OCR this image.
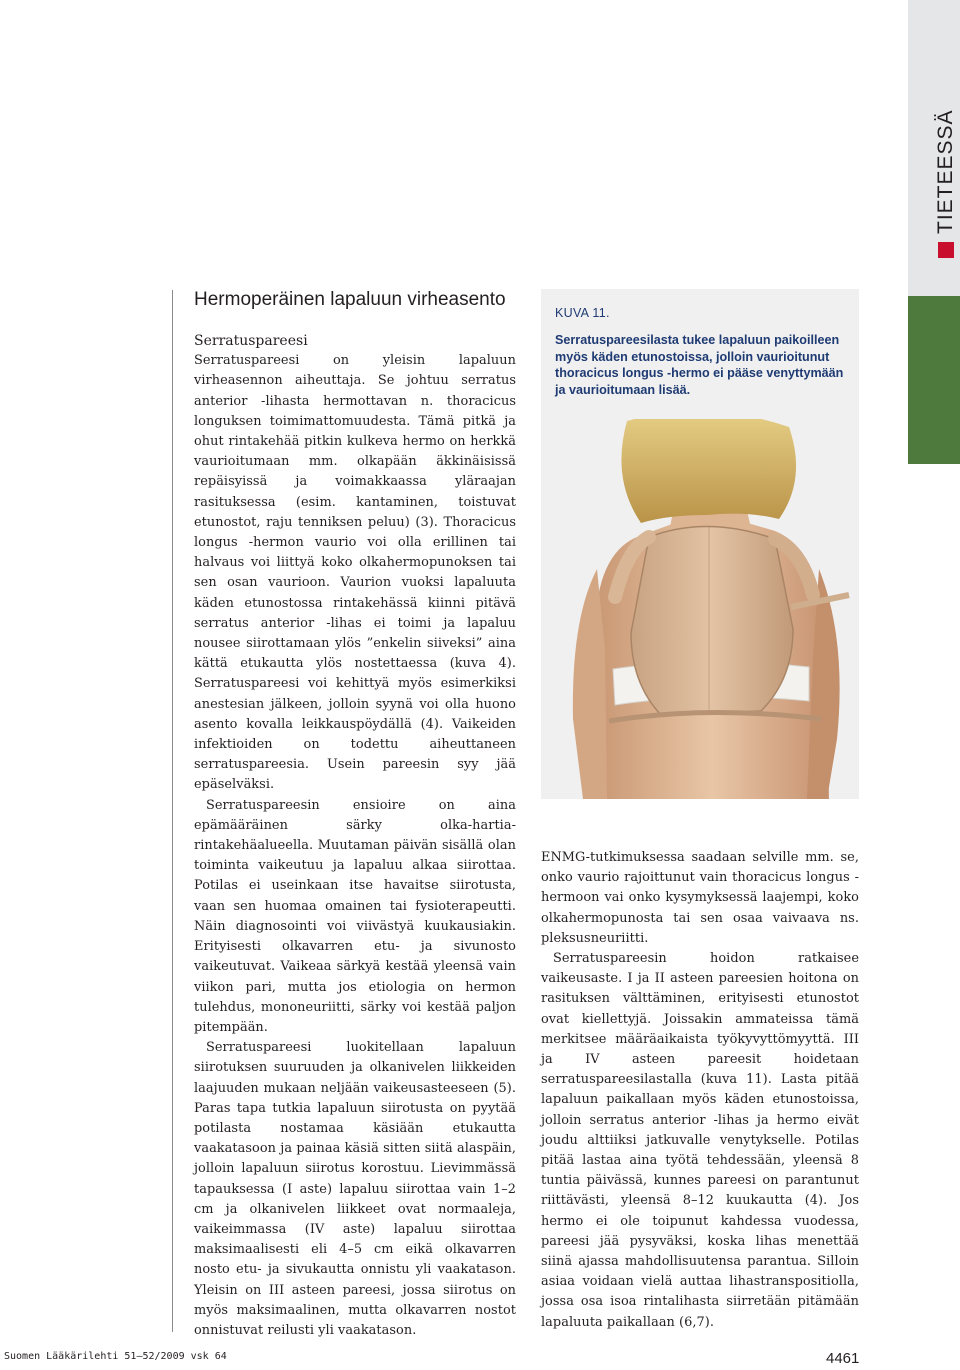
TIETEESSÄ
Hermoperäinen lapaluun virheasento
Serratuspareesi

Serratuspareesi on yleisin lapaluun virheasennon aiheuttaja. Se johtuu serratus anterior -lihasta hermottavan n. thoracicus longuksen toimimattomuudesta. Tämä pitkä ja ohut rintakehää pitkin kulkeva hermo on herkkä vaurioitumaan mm. olkapään äkkinäisissä repäisyissä ja voimakkaassa yläraajan rasituksessa (esim. kantaminen, toistuvat etunostot, raju tenniksen peluu) (3). Thoracicus longus -hermon vaurio voi olla erillinen tai halvaus voi liittyä koko olkahermopunoksen tai sen osan vaurioon. Vaurion vuoksi lapaluuta käden etunostossa rintakehässä kiinni pitävä serratus anterior -lihas ei toimi ja lapaluu nousee siirottamaan ylös ”enkelin siiveksi” aina kättä etukautta ylös nostettaessa (kuva 4). Serratuspareesi voi kehittyä myös esimerkiksi anestesian jälkeen, jolloin syynä voi olla huono asento kovalla leikkauspöydällä (4). Vaikeiden infektioiden on todettu aiheuttaneen serratuspareesia. Usein pareesin syy jää epäselväksi.

Serratuspareesin ensioire on aina epämääräinen särky olka-hartia-rintakehäalueella. Muutaman päivän sisällä olan toiminta vaikeutuu ja lapaluu alkaa siirottaa. Potilas ei useinkaan itse havaitse siirotusta, vaan sen huomaa omainen tai fysioterapeutti. Näin diagnosointi voi viivästyä kuukausiakin. Erityisesti olkavarren etu- ja sivunosto vaikeutuvat. Vaikeaa särkyä kestää yleensä vain viikon pari, mutta jos etiologia on hermon tulehdus, mononeuriitti, särky voi kestää paljon pitempään.

Serratuspareesi luokitellaan lapaluun siirotuksen suuruuden ja olkanivelen liikkeiden laajuuden mukaan neljään vaikeusasteeseen (5). Paras tapa tutkia lapaluun siirotusta on pyytää potilasta nostamaa käsiään etukautta vaakatasoon ja painaa käsiä sitten siitä alaspäin, jolloin lapaluun siirotus korostuu. Lievimmässä tapauksessa (I aste) lapaluu siirottaa vain 1–2 cm ja olkanivelen liikkeet ovat normaaleja, vaikeimmassa (IV aste) lapaluu siirottaa maksimaalisesti eli 4–5 cm eikä olkavarren nosto etu- ja sivukautta onnistu yli vaakatason. Yleisin on III asteen pareesi, jossa siirotus on myös maksimaalinen, mutta olkavarren nostot onnistuvat reilusti yli vaakatason.

KUVA 11.
Serratuspareesilasta tukee lapaluun paikoilleen myös käden etunostoissa, jolloin vaurioitunut thoracicus longus -hermo ei pääse venyttymään ja vaurioitumaan lisää.

ENMG-tutkimuksessa saadaan selville mm. se, onko vaurio rajoittunut vain thoracicus longus -hermoon vai onko kysymyksessä laajempi, koko olkahermopunosta tai sen osaa vaivaava ns. pleksusneuriitti.

Serratuspareesin hoidon ratkaisee vaikeusaste. I ja II asteen pareesien hoitona on rasituksen välttäminen, erityisesti etunostot ovat kiellettyjä. Joissakin ammateissa tämä merkitsee määräaikaista työkyvyttömyyttä. III ja IV asteen pareesit hoidetaan serratuspareesilastalla (kuva 11). Lasta pitää lapaluun paikallaan myös käden etunostoissa, jolloin serratus anterior -lihas ja hermo eivät joudu alttiiksi jatkuvalle venytykselle. Potilas pitää lastaa aina työtä tehdessään, yleensä 8 tuntia päivässä, kunnes pareesi on parantunut riittävästi, yleensä 8–12 kuukautta (4). Jos hermo ei ole toipunut kahdessa vuodessa, pareesi jää pysyväksi, koska lihas menettää siinä ajassa mahdollisuutensa parantua. Silloin asiaa voidaan vielä auttaa lihastranspositiolla, jossa osa isoa rintalihasta siirretään pitämään lapaluuta paikallaan (6,7).

Suomen Lääkärilehti 51–52/2009 vsk 64	4461
